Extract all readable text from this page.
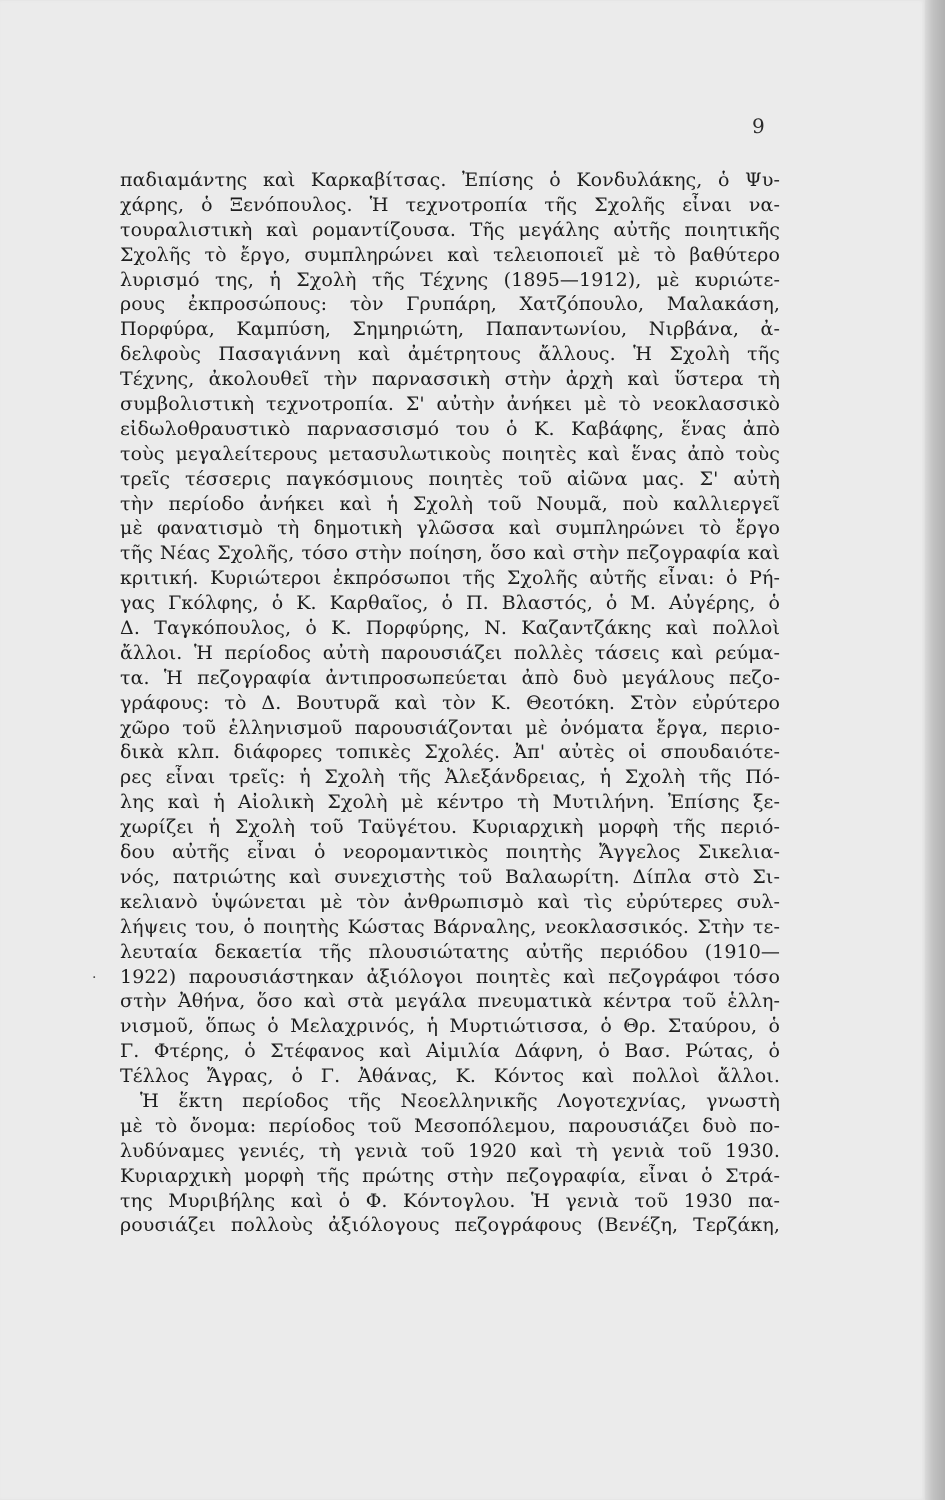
9
.
παδιαμάντης καὶ Καρκαβίτσας. Ἐπίσης ὁ Κονδυλάκης, ὁ Ψυ-
χάρης, ὁ Ξενόπουλος. Ἡ τεχνοτροπία τῆς Σχολῆς εἶναι να-
τουραλιστικὴ καὶ ρομαντίζουσα. Τῆς μεγάλης αὐτῆς ποιητικῆς
Σχολῆς τὸ ἔργο, συμπληρώνει καὶ τελειοποιεῖ μὲ τὸ βαθύτερο
λυρισμό της, ἡ Σχολὴ τῆς Τέχνης (1895—1912), μὲ κυριώτε-
ρους ἐκπροσώπους: τὸν Γρυπάρη, Χατζόπουλο, Μαλακάση,
Πορφύρα, Καμπύση, Σημηριώτη, Παπαντωνίου, Νιρβάνα, ἀ-
δελφοὺς Πασαγιάννη καὶ ἀμέτρητους ἄλλους. Ἡ Σχολὴ τῆς
Τέχνης, ἀκολουθεῖ τὴν παρνασσικὴ στὴν ἀρχὴ καὶ ὕστερα τὴ
συμβολιστικὴ τεχνοτροπία. Σ' αὐτὴν ἀνήκει μὲ τὸ νεοκλασσικὸ
εἰδωλοθραυστικὸ παρνασσισμό του ὁ Κ. Καβάφης, ἕνας ἀπὸ
τοὺς μεγαλείτερους μετασυλωτικοὺς ποιητὲς καὶ ἕνας ἀπὸ τοὺς
τρεῖς τέσσερις παγκόσμιους ποιητὲς τοῦ αἰῶνα μας. Σ' αὐτὴ
τὴν περίοδο ἀνήκει καὶ ἡ Σχολὴ τοῦ Νουμᾶ, ποὺ καλλιεργεῖ
μὲ φανατισμὸ τὴ δημοτικὴ γλῶσσα καὶ συμπληρώνει τὸ ἔργο
τῆς Νέας Σχολῆς, τόσο στὴν ποίηση, ὅσο καὶ στὴν πεζογραφία καὶ
κριτική. Κυριώτεροι ἐκπρόσωποι τῆς Σχολῆς αὐτῆς εἶναι: ὁ Ρή-
γας Γκόλφης, ὁ Κ. Καρθαῖος, ὁ Π. Βλαστός, ὁ Μ. Αὐγέρης, ὁ
Δ. Ταγκόπουλος, ὁ Κ. Πορφύρης, Ν. Καζαντζάκης καὶ πολλοὶ
ἄλλοι. Ἡ περίοδος αὐτὴ παρουσιάζει πολλὲς τάσεις καὶ ρεύμα-
τα. Ἡ πεζογραφία ἀντιπροσωπεύεται ἀπὸ δυὸ μεγάλους πεζο-
γράφους: τὸ Δ. Βουτυρᾶ καὶ τὸν Κ. Θεοτόκη. Στὸν εὐρύτερο
χῶρο τοῦ ἑλληνισμοῦ παρουσιάζονται μὲ ὀνόματα ἔργα, περιο-
δικὰ κλπ. διάφορες τοπικὲς Σχολές. Ἀπ' αὐτὲς οἱ σπουδαιότε-
ρες εἶναι τρεῖς: ἡ Σχολὴ τῆς Ἀλεξάνδρειας, ἡ Σχολὴ τῆς Πό-
λης καὶ ἡ Αἰολικὴ Σχολὴ μὲ κέντρο τὴ Μυτιλήνη. Ἐπίσης ξε-
χωρίζει ἡ Σχολὴ τοῦ Ταϋγέτου. Κυριαρχικὴ μορφὴ τῆς περιό-
δου αὐτῆς εἶναι ὁ νεορομαντικὸς ποιητὴς Ἄγγελος Σικελια-
νός, πατριώτης καὶ συνεχιστὴς τοῦ Βαλαωρίτη. Δίπλα στὸ Σι-
κελιανὸ ὑψώνεται μὲ τὸν ἀνθρωπισμὸ καὶ τὶς εὐρύτερες συλ-
λήψεις του, ὁ ποιητὴς Κώστας Βάρναλης, νεοκλασσικός. Στὴν τε-
λευταία δεκαετία τῆς πλουσιώτατης αὐτῆς περιόδου (1910—
1922) παρουσιάστηκαν ἀξιόλογοι ποιητὲς καὶ πεζογράφοι τόσο
στὴν Ἀθήνα, ὅσο καὶ στὰ μεγάλα πνευματικὰ κέντρα τοῦ ἑλλη-
νισμοῦ, ὅπως ὁ Μελαχρινός, ἡ Μυρτιώτισσα, ὁ Θρ. Σταύρου, ὁ
Γ. Φτέρης, ὁ Στέφανος καὶ Αἰμιλία Δάφνη, ὁ Βασ. Ρώτας, ὁ
Τέλλος Ἄγρας, ὁ Γ. Ἀθάνας, Κ. Κόντος καὶ πολλοὶ ἄλλοι.
Ἡ ἕκτη περίοδος τῆς Νεοελληνικῆς Λογοτεχνίας, γνωστὴ
μὲ τὸ ὄνομα: περίοδος τοῦ Μεσοπόλεμου, παρουσιάζει δυὸ πο-
λυδύναμες γενιές, τὴ γενιὰ τοῦ 1920 καὶ τὴ γενιὰ τοῦ 1930.
Κυριαρχικὴ μορφὴ τῆς πρώτης στὴν πεζογραφία, εἶναι ὁ Στρά-
της Μυριβήλης καὶ ὁ Φ. Κόντογλου. Ἡ γενιὰ τοῦ 1930 πα-
ρουσιάζει πολλοὺς ἀξιόλογους πεζογράφους (Βενέζη, Τερζάκη,
